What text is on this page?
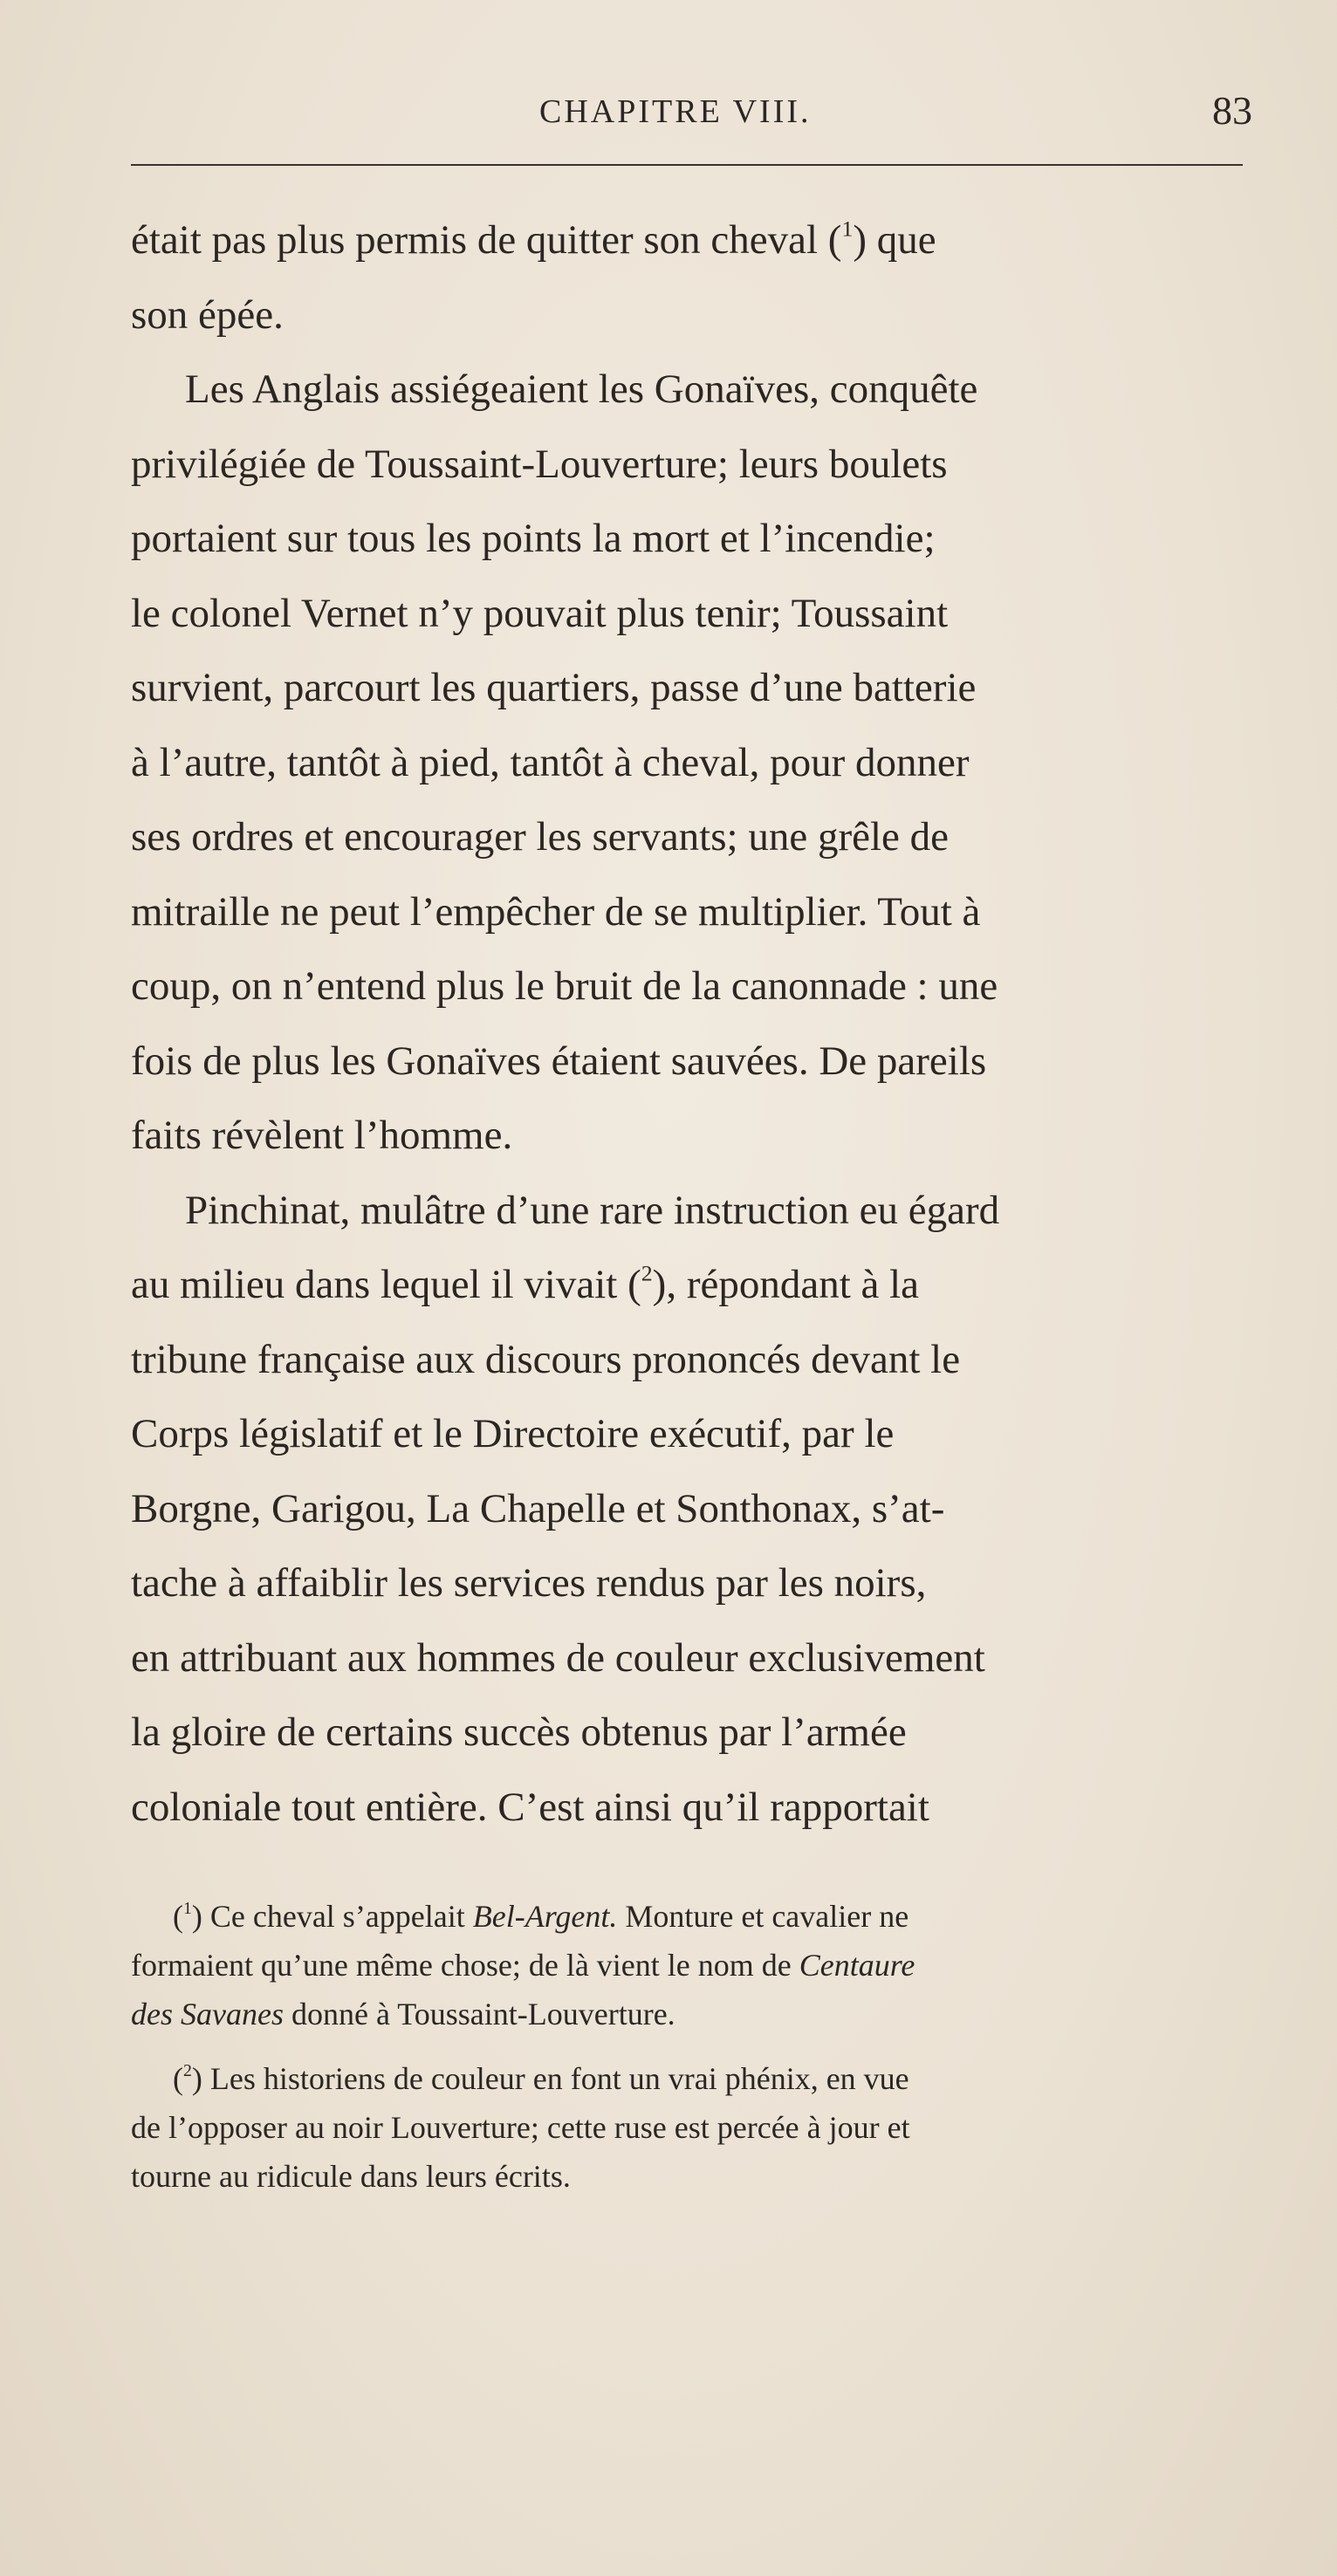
CHAPITRE VIII.	83
était pas plus permis de quitter son cheval ($^1$) que
son épée.
Les Anglais assiégeaient les Gonaïves, conquête
privilégiée de Toussaint-Louverture; leurs boulets
portaient sur tous les points la mort et l’incendie;
le colonel Vernet n’y pouvait plus tenir; Toussaint
survient, parcourt les quartiers, passe d’une batterie
à l’autre, tantôt à pied, tantôt à cheval, pour donner
ses ordres et encourager les servants; une grêle de
mitraille ne peut l’empêcher de se multiplier. Tout à
coup, on n’entend plus le bruit de la canonnade : une
fois de plus les Gonaïves étaient sauvées. De pareils
faits révèlent l’homme.
Pinchinat, mulâtre d’une rare instruction eu égard
au milieu dans lequel il vivait ($^2$), répondant à la
tribune française aux discours prononcés devant le
Corps législatif et le Directoire exécutif, par le
Borgne, Garigou, La Chapelle et Sonthonax, s’at-
tache à affaiblir les services rendus par les noirs,
en attribuant aux hommes de couleur exclusivement
la gloire de certains succès obtenus par l’armée
coloniale tout entière. C’est ainsi qu’il rapportait
($^1$) Ce cheval s’appelait Bel-Argent. Monture et cavalier ne
formaient qu’une même chose; de là vient le nom de Centaure
des Savanes donné à Toussaint-Louverture.
($^2$) Les historiens de couleur en font un vrai phénix, en vue
de l’opposer au noir Louverture; cette ruse est percée à jour et
tourne au ridicule dans leurs écrits.
